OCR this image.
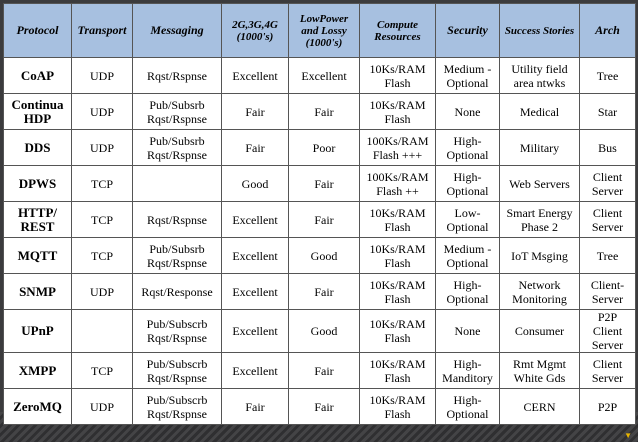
Protocol	Transport	Messaging	2G,3G,4G (1000's)	LowPower and Lossy (1000's)	Compute Resources	Security	Success Stories	Arch
CoAP	UDP	Rqst/Rspnse	Excellent	Excellent	10Ks/RAM Flash	Medium - Optional	Utility field area ntwks	Tree
Continua HDP	UDP	Pub/Subsrb Rqst/Rspnse	Fair	Fair	10Ks/RAM Flash	None	Medical	Star
DDS	UDP	Pub/Subsrb Rqst/Rspnse	Fair	Poor	100Ks/RAM Flash +++	High- Optional	Military	Bus
DPWS	TCP		Good	Fair	100Ks/RAM Flash ++	High- Optional	Web Servers	Client Server
HTTP/ REST	TCP	Rqst/Rspnse	Excellent	Fair	10Ks/RAM Flash	Low- Optional	Smart Energy Phase 2	Client Server
MQTT	TCP	Pub/Subsrb Rqst/Rspnse	Excellent	Good	10Ks/RAM Flash	Medium - Optional	IoT Msging	Tree
SNMP	UDP	Rqst/Response	Excellent	Fair	10Ks/RAM Flash	High- Optional	Network Monitoring	Client- Server
UPnP		Pub/Subscrb Rqst/Rspnse	Excellent	Good	10Ks/RAM Flash	None	Consumer	P2P Client Server
XMPP	TCP	Pub/Subscrb Rqst/Rspnse	Excellent	Fair	10Ks/RAM Flash	High- Manditory	Rmt Mgmt White Gds	Client Server
ZeroMQ	UDP	Pub/Subscrb Rqst/Rspnse	Fair	Fair	10Ks/RAM Flash	High- Optional	CERN	P2P
▼
